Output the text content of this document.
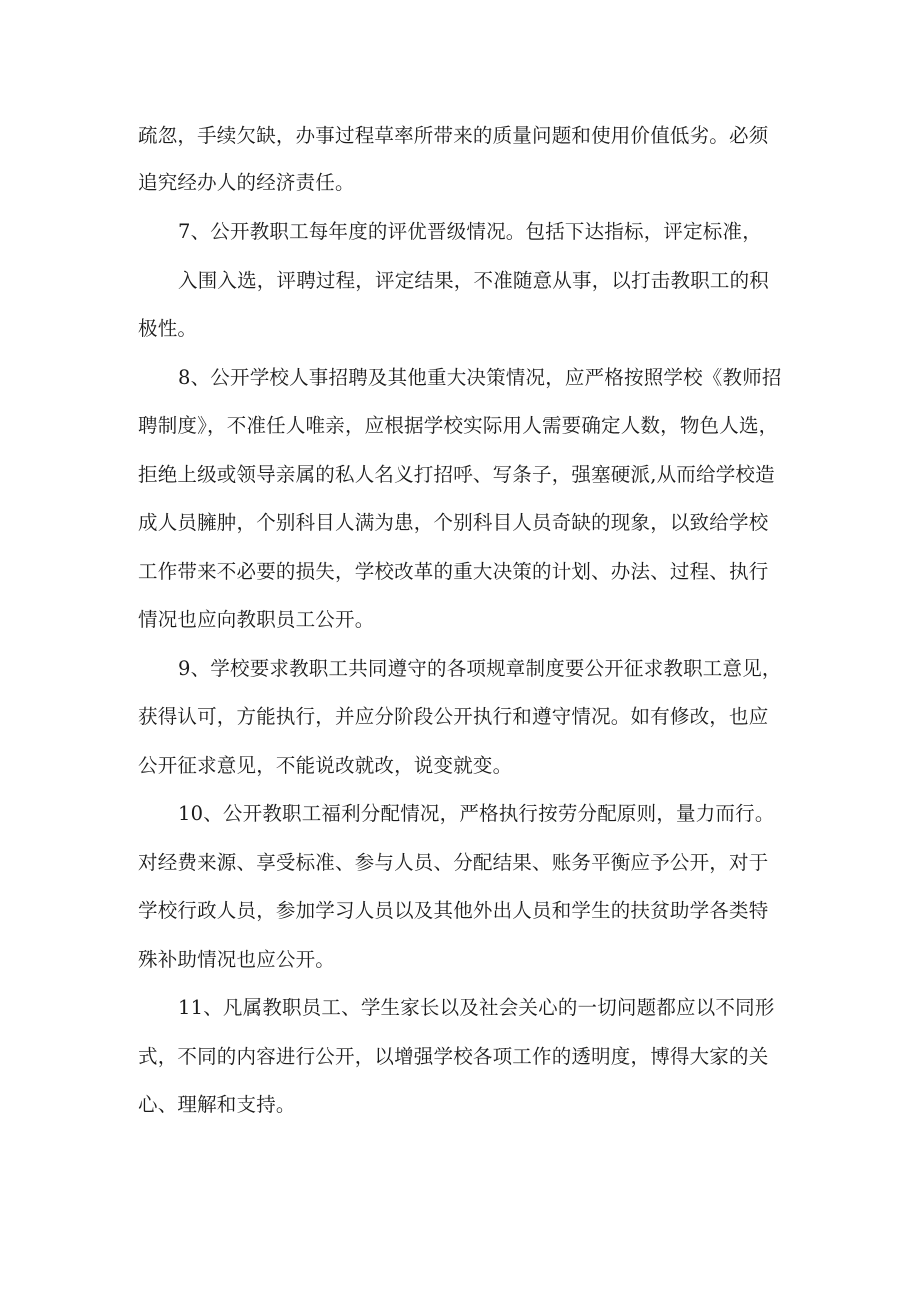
疏忽，手续欠缺，办事过程草率所带来的质量问题和使用价值低劣。必须
追究经办人的经济责任。
7、公开教职工每年度的评优晋级情况。包括下达指标，评定标准，
入围入选，评聘过程，评定结果，不准随意从事，以打击教职工的积
极性。
8、公开学校人事招聘及其他重大决策情况，应严格按照学校《教师招
聘制度》，不准任人唯亲，应根据学校实际用人需要确定人数，物色人选，
拒绝上级或领导亲属的私人名义打招呼、写条子，强塞硬派,从而给学校造
成人员臃肿，个别科目人满为患，个别科目人员奇缺的现象，以致给学校
工作带来不必要的损失，学校改革的重大决策的计划、办法、过程、执行
情况也应向教职员工公开。
9、学校要求教职工共同遵守的各项规章制度要公开征求教职工意见，
获得认可，方能执行，并应分阶段公开执行和遵守情况。如有修改，也应
公开征求意见，不能说改就改，说变就变。
10、公开教职工福利分配情况，严格执行按劳分配原则，量力而行。
对经费来源、享受标准、参与人员、分配结果、账务平衡应予公开，对于
学校行政人员，参加学习人员以及其他外出人员和学生的扶贫助学各类特
殊补助情况也应公开。
11、凡属教职员工、学生家长以及社会关心的一切问题都应以不同形
式，不同的内容进行公开，以增强学校各项工作的透明度，博得大家的关
心、理解和支持。
